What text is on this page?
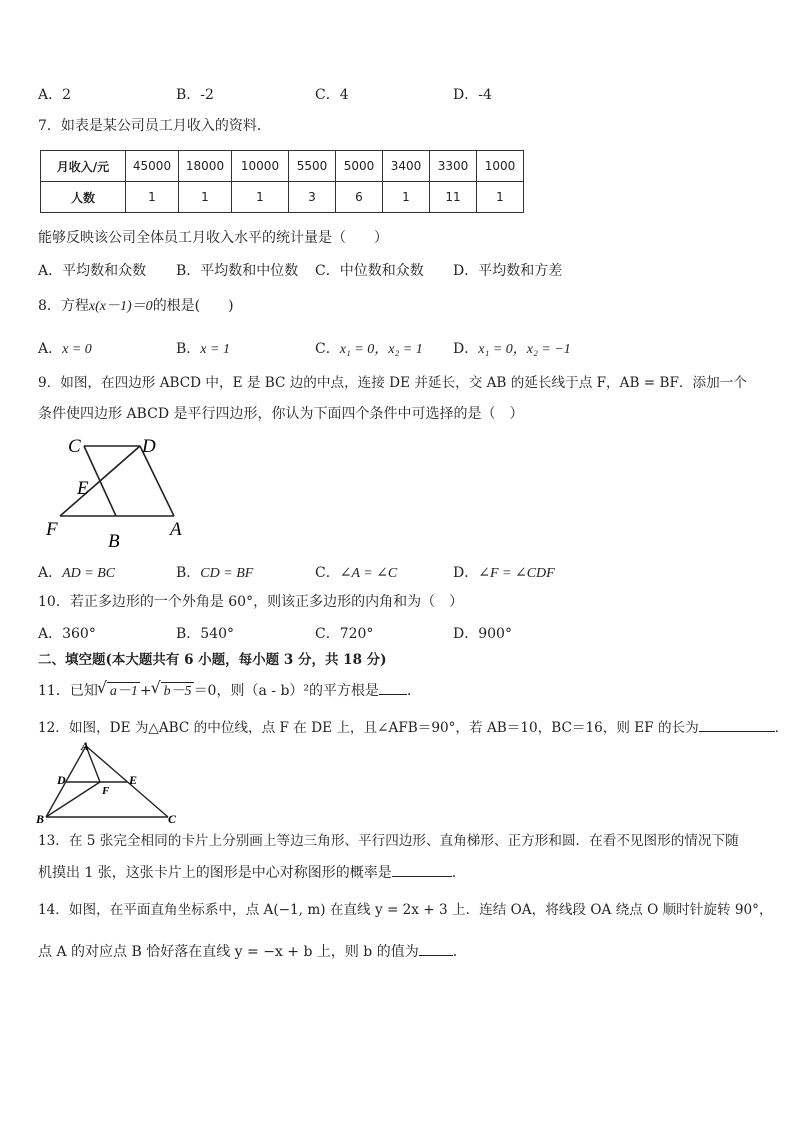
A．2	B．-2	C．4	D．-4
7．如表是某公司员工月收入的资料．
月收入/元	45000	18000	10000	5500	5000	3400	3300	1000
人数	1	1	1	3	6	1	11	1
能够反映该公司全体员工月收入水平的统计量是（　　）
A．平均数和众数 B．平均数和中位数 C．中位数和众数 D．平均数和方差
8．方程x(x－1)＝0的根是(　　)
A．x = 0	B．x = 1	C．x₁ = 0，x₂ = 1 D．x₁ = 0，x₂ = −1
9．如图，在四边形 ABCD 中，E 是 BC 边的中点，连接 DE 并延长，交 AB 的延长线于点 F，AB = BF．添加一个
条件使四边形 ABCD 是平行四边形，你认为下面四个条件中可选择的是（　）
C	D
E
F
B
A
A．AD = BC	B．CD = BF	C．∠A = ∠C	D．∠F = ∠CDF
10．若正多边形的一个外角是 60°，则该正多边形的内角和为（　）
A．360°	B．540°	C．720°	D．900°
二、填空题(本大题共有 6 小题，每小题 3 分，共 18 分)
11．已知 √ a－1 + √ b－5 ＝0，则（a - b）²的平方根是 ．
12．如图，DE 为△ABC 的中位线，点 F 在 DE 上，且∠AFB＝90°，若 AB＝10，BC＝16，则 EF 的长为	．
A
D	E
F
B	C
13．在 5 张完全相同的卡片上分别画上等边三角形、平行四边形、直角梯形、正方形和圆．在看不见图形的情况下随
机摸出 1 张，这张卡片上的图形是中心对称图形的概率是	．
14．如图，在平面直角坐标系中，点 A(−1, m) 在直线 y = 2x + 3 上．连结 OA，将线段 OA 绕点 O 顺时针旋转 90°，
点 A 的对应点 B 恰好落在直线 y = −x + b 上，则 b 的值为 ．
